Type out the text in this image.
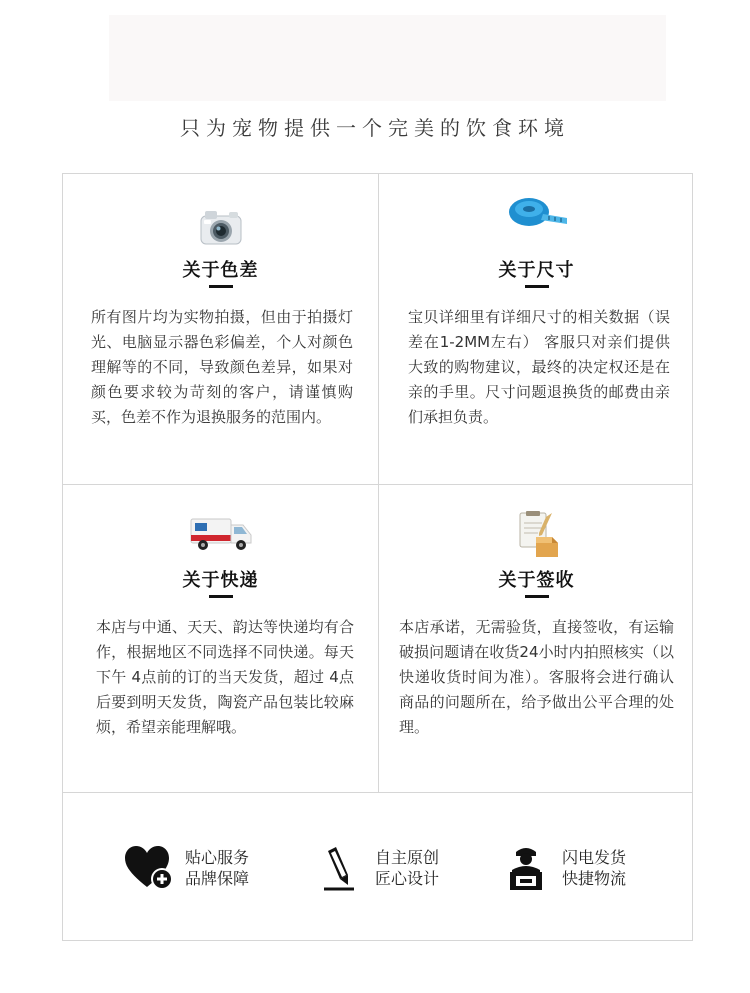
只为宠物提供一个完美的饮食环境
关于色差
所有图片均为实物拍摄，但由于拍摄灯光、电脑显示器色彩偏差，个人对颜色理解等的不同，导致颜色差异，如果对颜色要求较为苛刻的客户，请谨慎购买，色差不作为退换服务的范围内。
关于尺寸
宝贝详细里有详细尺寸的相关数据（误差在1-2MM左右） 客服只对亲们提供大致的购物建议，最终的决定权还是在亲的手里。尺寸问题退换货的邮费由亲们承担负责。
关于快递
本店与中通、天天、韵达等快递均有合作，根据地区不同选择不同快递。每天下午 4点前的订的当天发货，超过 4点后要到明天发货，陶瓷产品包装比较麻烦，希望亲能理解哦。
关于签收
本店承诺，无需验货，直接签收，有运输破损问题请在收货24小时内拍照核实（以快递收货时间为准）。客服将会进行确认商品的问题所在，给予做出公平合理的处理。
贴心服务
品牌保障
自主原创
匠心设计
闪电发货
快捷物流
